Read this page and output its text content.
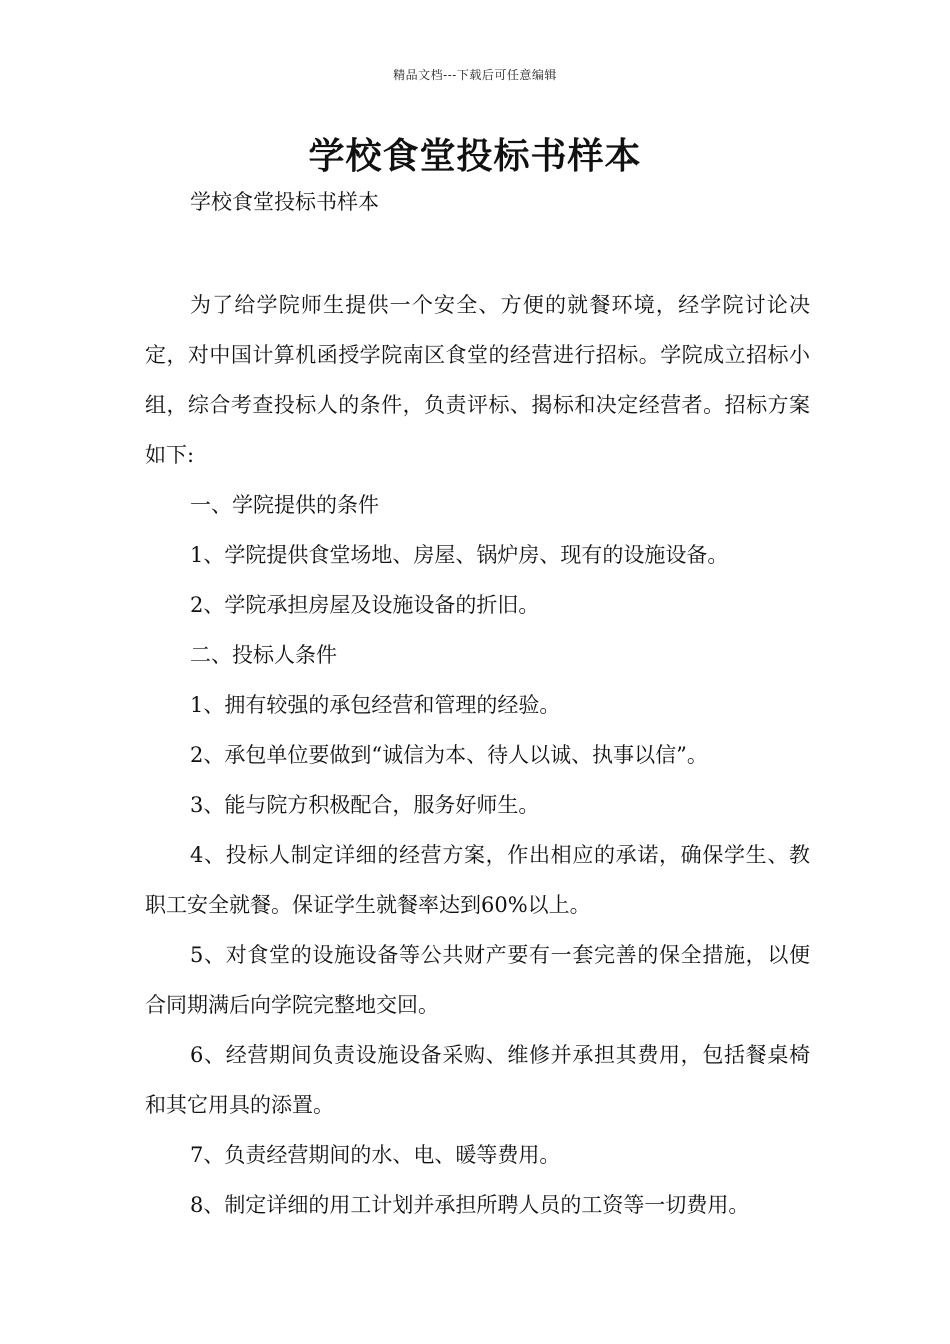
精品文档---下载后可任意编辑
学校食堂投标书样本
学校食堂投标书样本

为了给学院师生提供一个安全、方便的就餐环境，经学院讨论决定，对中国计算机函授学院南区食堂的经营进行招标。学院成立招标小组，综合考查投标人的条件，负责评标、揭标和决定经营者。招标方案如下:

一、学院提供的条件

1、学院提供食堂场地、房屋、锅炉房、现有的设施设备。

2、学院承担房屋及设施设备的折旧。

二、投标人条件

1、拥有较强的承包经营和管理的经验。

2、承包单位要做到“诚信为本、待人以诚、执事以信”。

3、能与院方积极配合，服务好师生。

4、投标人制定详细的经营方案，作出相应的承诺，确保学生、教职工安全就餐。保证学生就餐率达到60%以上。

5、对食堂的设施设备等公共财产要有一套完善的保全措施，以便合同期满后向学院完整地交回。

6、经营期间负责设施设备采购、维修并承担其费用，包括餐桌椅和其它用具的添置。

7、负责经营期间的水、电、暖等费用。

8、制定详细的用工计划并承担所聘人员的工资等一切费用。
